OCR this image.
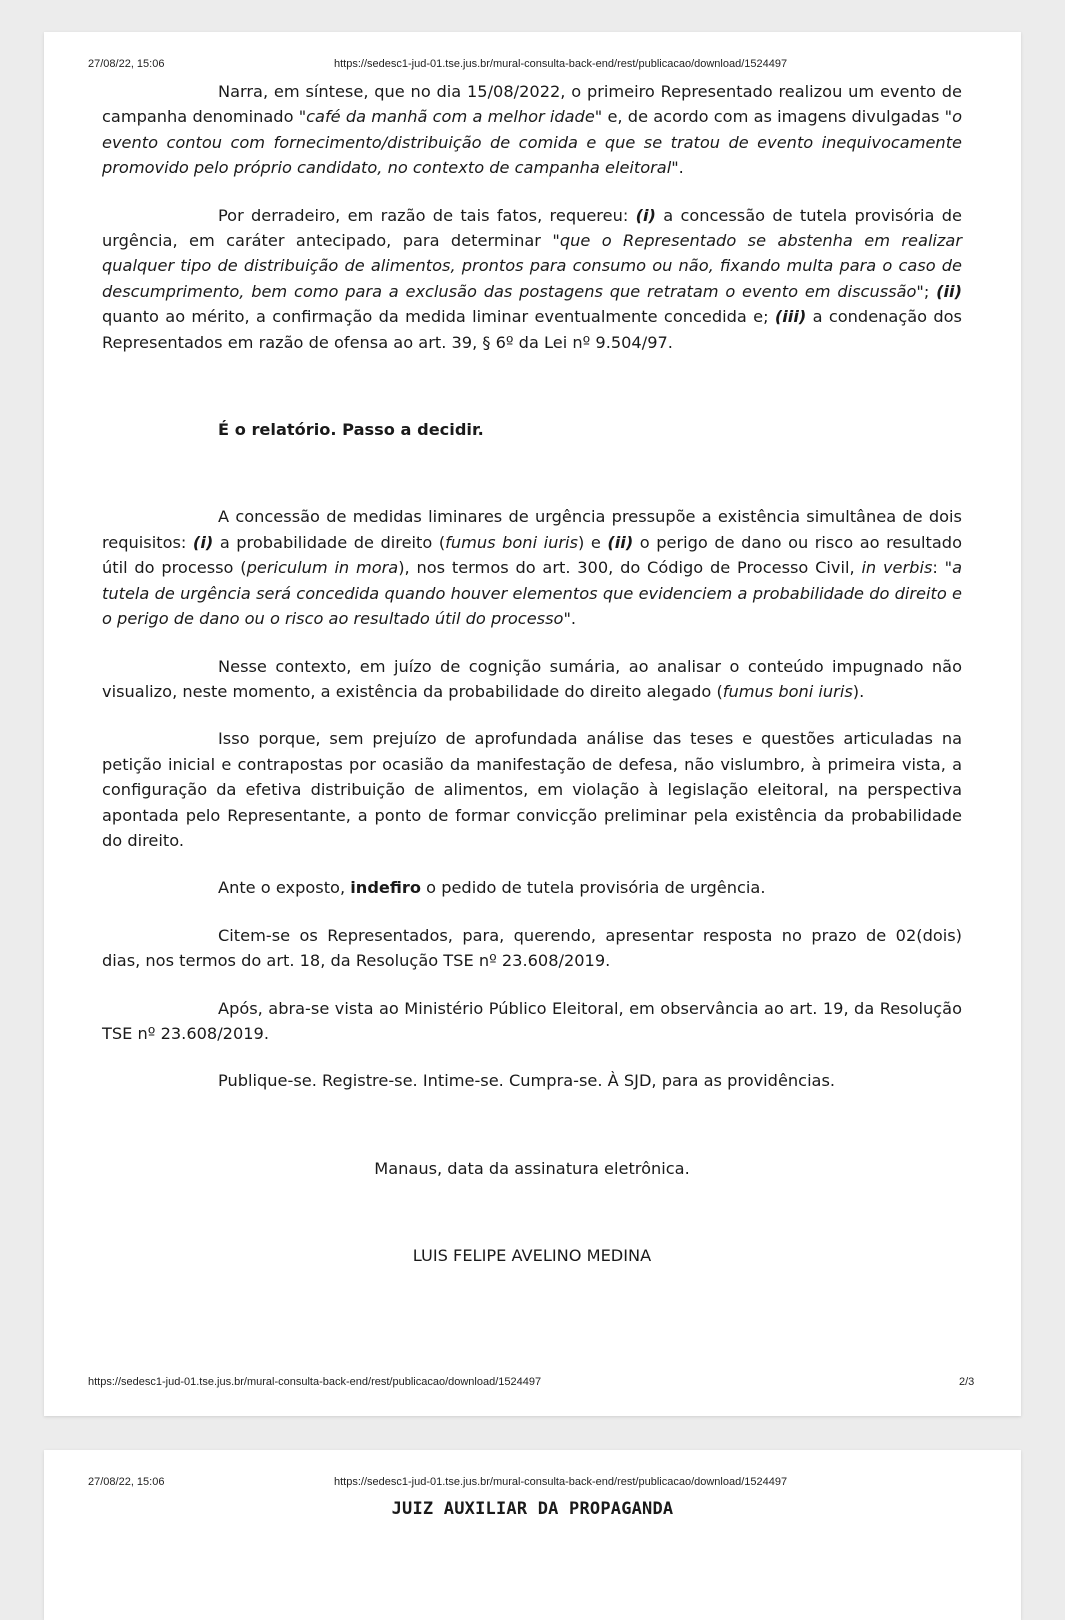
27/08/22, 15:06	https://sedesc1-jud-01.tse.jus.br/mural-consulta-back-end/rest/publicacao/download/1524497

Narra, em síntese, que no dia 15/08/2022, o primeiro Representado realizou um evento de campanha denominado "café da manhã com a melhor idade" e, de acordo com as imagens divulgadas "o evento contou com fornecimento/distribuição de comida e que se tratou de evento inequivocamente promovido pelo próprio candidato, no contexto de campanha eleitoral".

Por derradeiro, em razão de tais fatos, requereu: (i) a concessão de tutela provisória de urgência, em caráter antecipado, para determinar "que o Representado se abstenha em realizar qualquer tipo de distribuição de alimentos, prontos para consumo ou não, fixando multa para o caso de descumprimento, bem como para a exclusão das postagens que retratam o evento em discussão"; (ii) quanto ao mérito, a confirmação da medida liminar eventualmente concedida e; (iii) a condenação dos Representados em razão de ofensa ao art. 39, § 6º da Lei nº 9.504/97.

É o relatório. Passo a decidir.

A concessão de medidas liminares de urgência pressupõe a existência simultânea de dois requisitos: (i) a probabilidade de direito (fumus boni iuris) e (ii) o perigo de dano ou risco ao resultado útil do processo (periculum in mora), nos termos do art. 300, do Código de Processo Civil, in verbis: "a tutela de urgência será concedida quando houver elementos que evidenciem a probabilidade do direito e o perigo de dano ou o risco ao resultado útil do processo".

Nesse contexto, em juízo de cognição sumária, ao analisar o conteúdo impugnado não visualizo, neste momento, a existência da probabilidade do direito alegado (fumus boni iuris).

Isso porque, sem prejuízo de aprofundada análise das teses e questões articuladas na petição inicial e contrapostas por ocasião da manifestação de defesa, não vislumbro, à primeira vista, a configuração da efetiva distribuição de alimentos, em violação à legislação eleitoral, na perspectiva apontada pelo Representante, a ponto de formar convicção preliminar pela existência da probabilidade do direito.

Ante o exposto, indefiro o pedido de tutela provisória de urgência.

Citem-se os Representados, para, querendo, apresentar resposta no prazo de 02(dois) dias, nos termos do art. 18, da Resolução TSE nº 23.608/2019.

Após, abra-se vista ao Ministério Público Eleitoral, em observância ao art. 19, da Resolução TSE nº 23.608/2019.

Publique-se. Registre-se. Intime-se. Cumpra-se. À SJD, para as providências.

Manaus, data da assinatura eletrônica.

LUIS FELIPE AVELINO MEDINA

https://sedesc1-jud-01.tse.jus.br/mural-consulta-back-end/rest/publicacao/download/1524497	2/3
27/08/22, 15:06	https://sedesc1-jud-01.tse.jus.br/mural-consulta-back-end/rest/publicacao/download/1524497
JUIZ AUXILIAR DA PROPAGANDA
